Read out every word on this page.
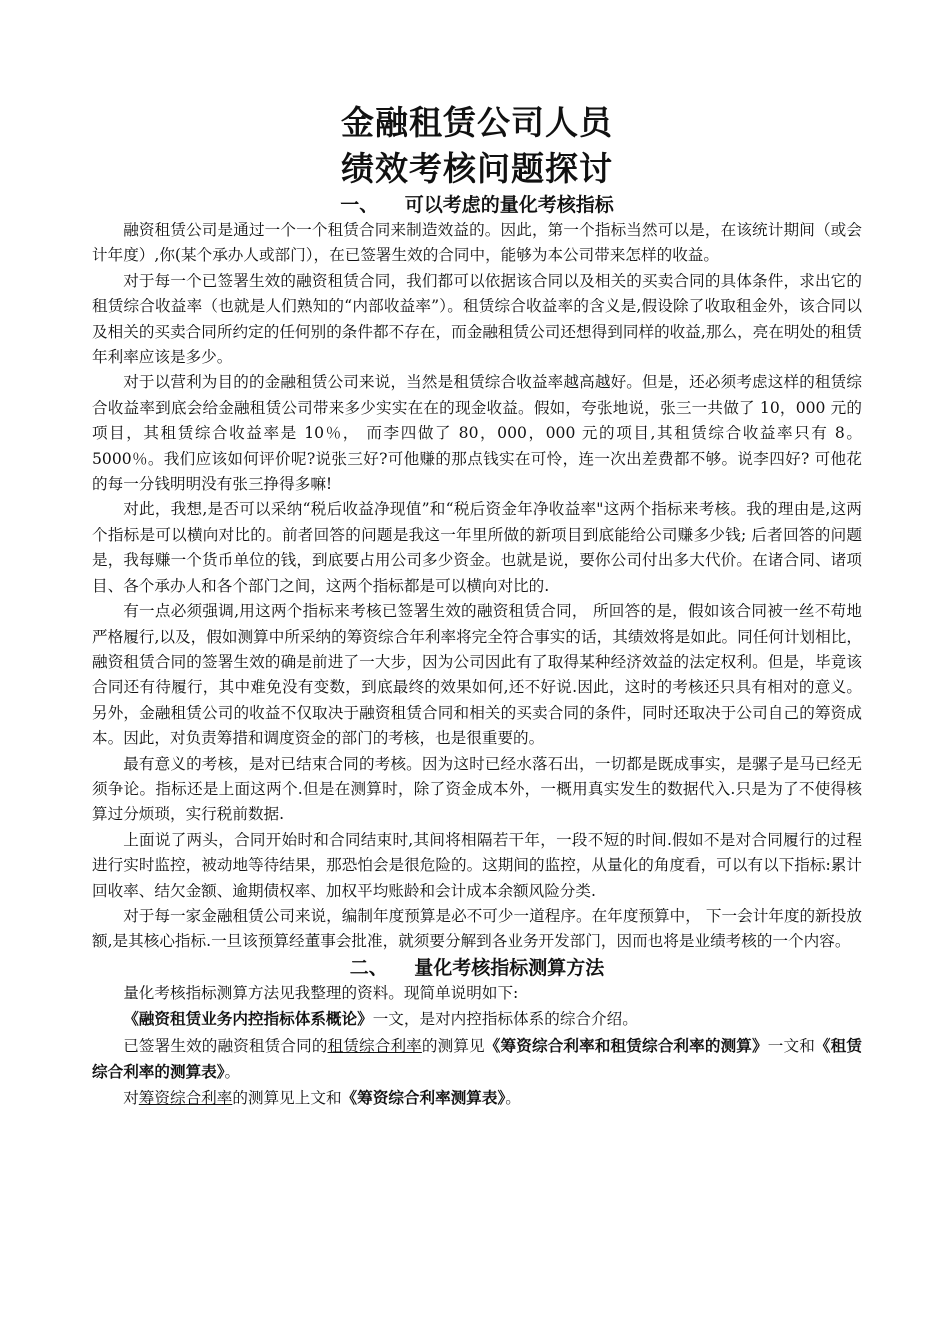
金融租赁公司人员
绩效考核问题探讨
一、    可以考虑的量化考核指标

融资租赁公司是通过一个一个租赁合同来制造效益的。因此，第一个指标当然可以是，在该统计期间（或会计年度）,你(某个承办人或部门），在已签署生效的合同中，能够为本公司带来怎样的收益。

对于每一个已签署生效的融资租赁合同，我们都可以依据该合同以及相关的买卖合同的具体条件，求出它的租赁综合收益率（也就是人们熟知的“内部收益率”）。租赁综合收益率的含义是,假设除了收取租金外，该合同以及相关的买卖合同所约定的任何别的条件都不存在，而金融租赁公司还想得到同样的收益,那么，亮在明处的租赁年利率应该是多少。

对于以营利为目的的金融租赁公司来说，当然是租赁综合收益率越高越好。但是，还必须考虑这样的租赁综合收益率到底会给金融租赁公司带来多少实实在在的现金收益。假如，夸张地说，张三一共做了 10，000 元的项目，其租赁综合收益率是 10％， 而李四做了 80，000，000 元的项目,其租赁综合收益率只有 8。5000％。我们应该如何评价呢?说张三好?可他赚的那点钱实在可怜，连一次出差费都不够。说李四好? 可他花的每一分钱明明没有张三挣得多嘛!

对此，我想,是否可以采纳“税后收益净现值”和“税后资金年净收益率"这两个指标来考核。我的理由是,这两个指标是可以横向对比的。前者回答的问题是我这一年里所做的新项目到底能给公司赚多少钱; 后者回答的问题是，我每赚一个货币单位的钱，到底要占用公司多少资金。也就是说，要你公司付出多大代价。在诸合同、诸项目、各个承办人和各个部门之间，这两个指标都是可以横向对比的.

有一点必须强调,用这两个指标来考核已签署生效的融资租赁合同， 所回答的是，假如该合同被一丝不苟地严格履行,以及，假如测算中所采纳的筹资综合年利率将完全符合事实的话，其绩效将是如此。同任何计划相比，融资租赁合同的签署生效的确是前进了一大步，因为公司因此有了取得某种经济效益的法定权利。但是，毕竟该合同还有待履行，其中难免没有变数，到底最终的效果如何,还不好说.因此，这时的考核还只具有相对的意义。另外，金融租赁公司的收益不仅取决于融资租赁合同和相关的买卖合同的条件，同时还取决于公司自己的筹资成本。因此，对负责筹措和调度资金的部门的考核，也是很重要的。

最有意义的考核，是对已结束合同的考核。因为这时已经水落石出，一切都是既成事实，是骡子是马已经无须争论。指标还是上面这两个.但是在测算时，除了资金成本外，一概用真实发生的数据代入.只是为了不使得核算过分烦琐，实行税前数据.

上面说了两头，合同开始时和合同结束时,其间将相隔若干年，一段不短的时间.假如不是对合同履行的过程进行实时监控，被动地等待结果，那恐怕会是很危险的。这期间的监控，从量化的角度看，可以有以下指标:累计回收率、结欠金额、逾期债权率、加权平均账龄和会计成本余额风险分类.

对于每一家金融租赁公司来说，编制年度预算是必不可少一道程序。在年度预算中， 下一会计年度的新投放额,是其核心指标.一旦该预算经董事会批准，就须要分解到各业务开发部门，因而也将是业绩考核的一个内容。

二、    量化考核指标测算方法

量化考核指标测算方法见我整理的资料。现简单说明如下:

《融资租赁业务内控指标体系概论》一文，是对内控指标体系的综合介绍。

已签署生效的融资租赁合同的租赁综合利率的测算见《筹资综合利率和租赁综合利率的测算》一文和《租赁综合利率的测算表》。

对筹资综合利率的测算见上文和《筹资综合利率测算表》。
